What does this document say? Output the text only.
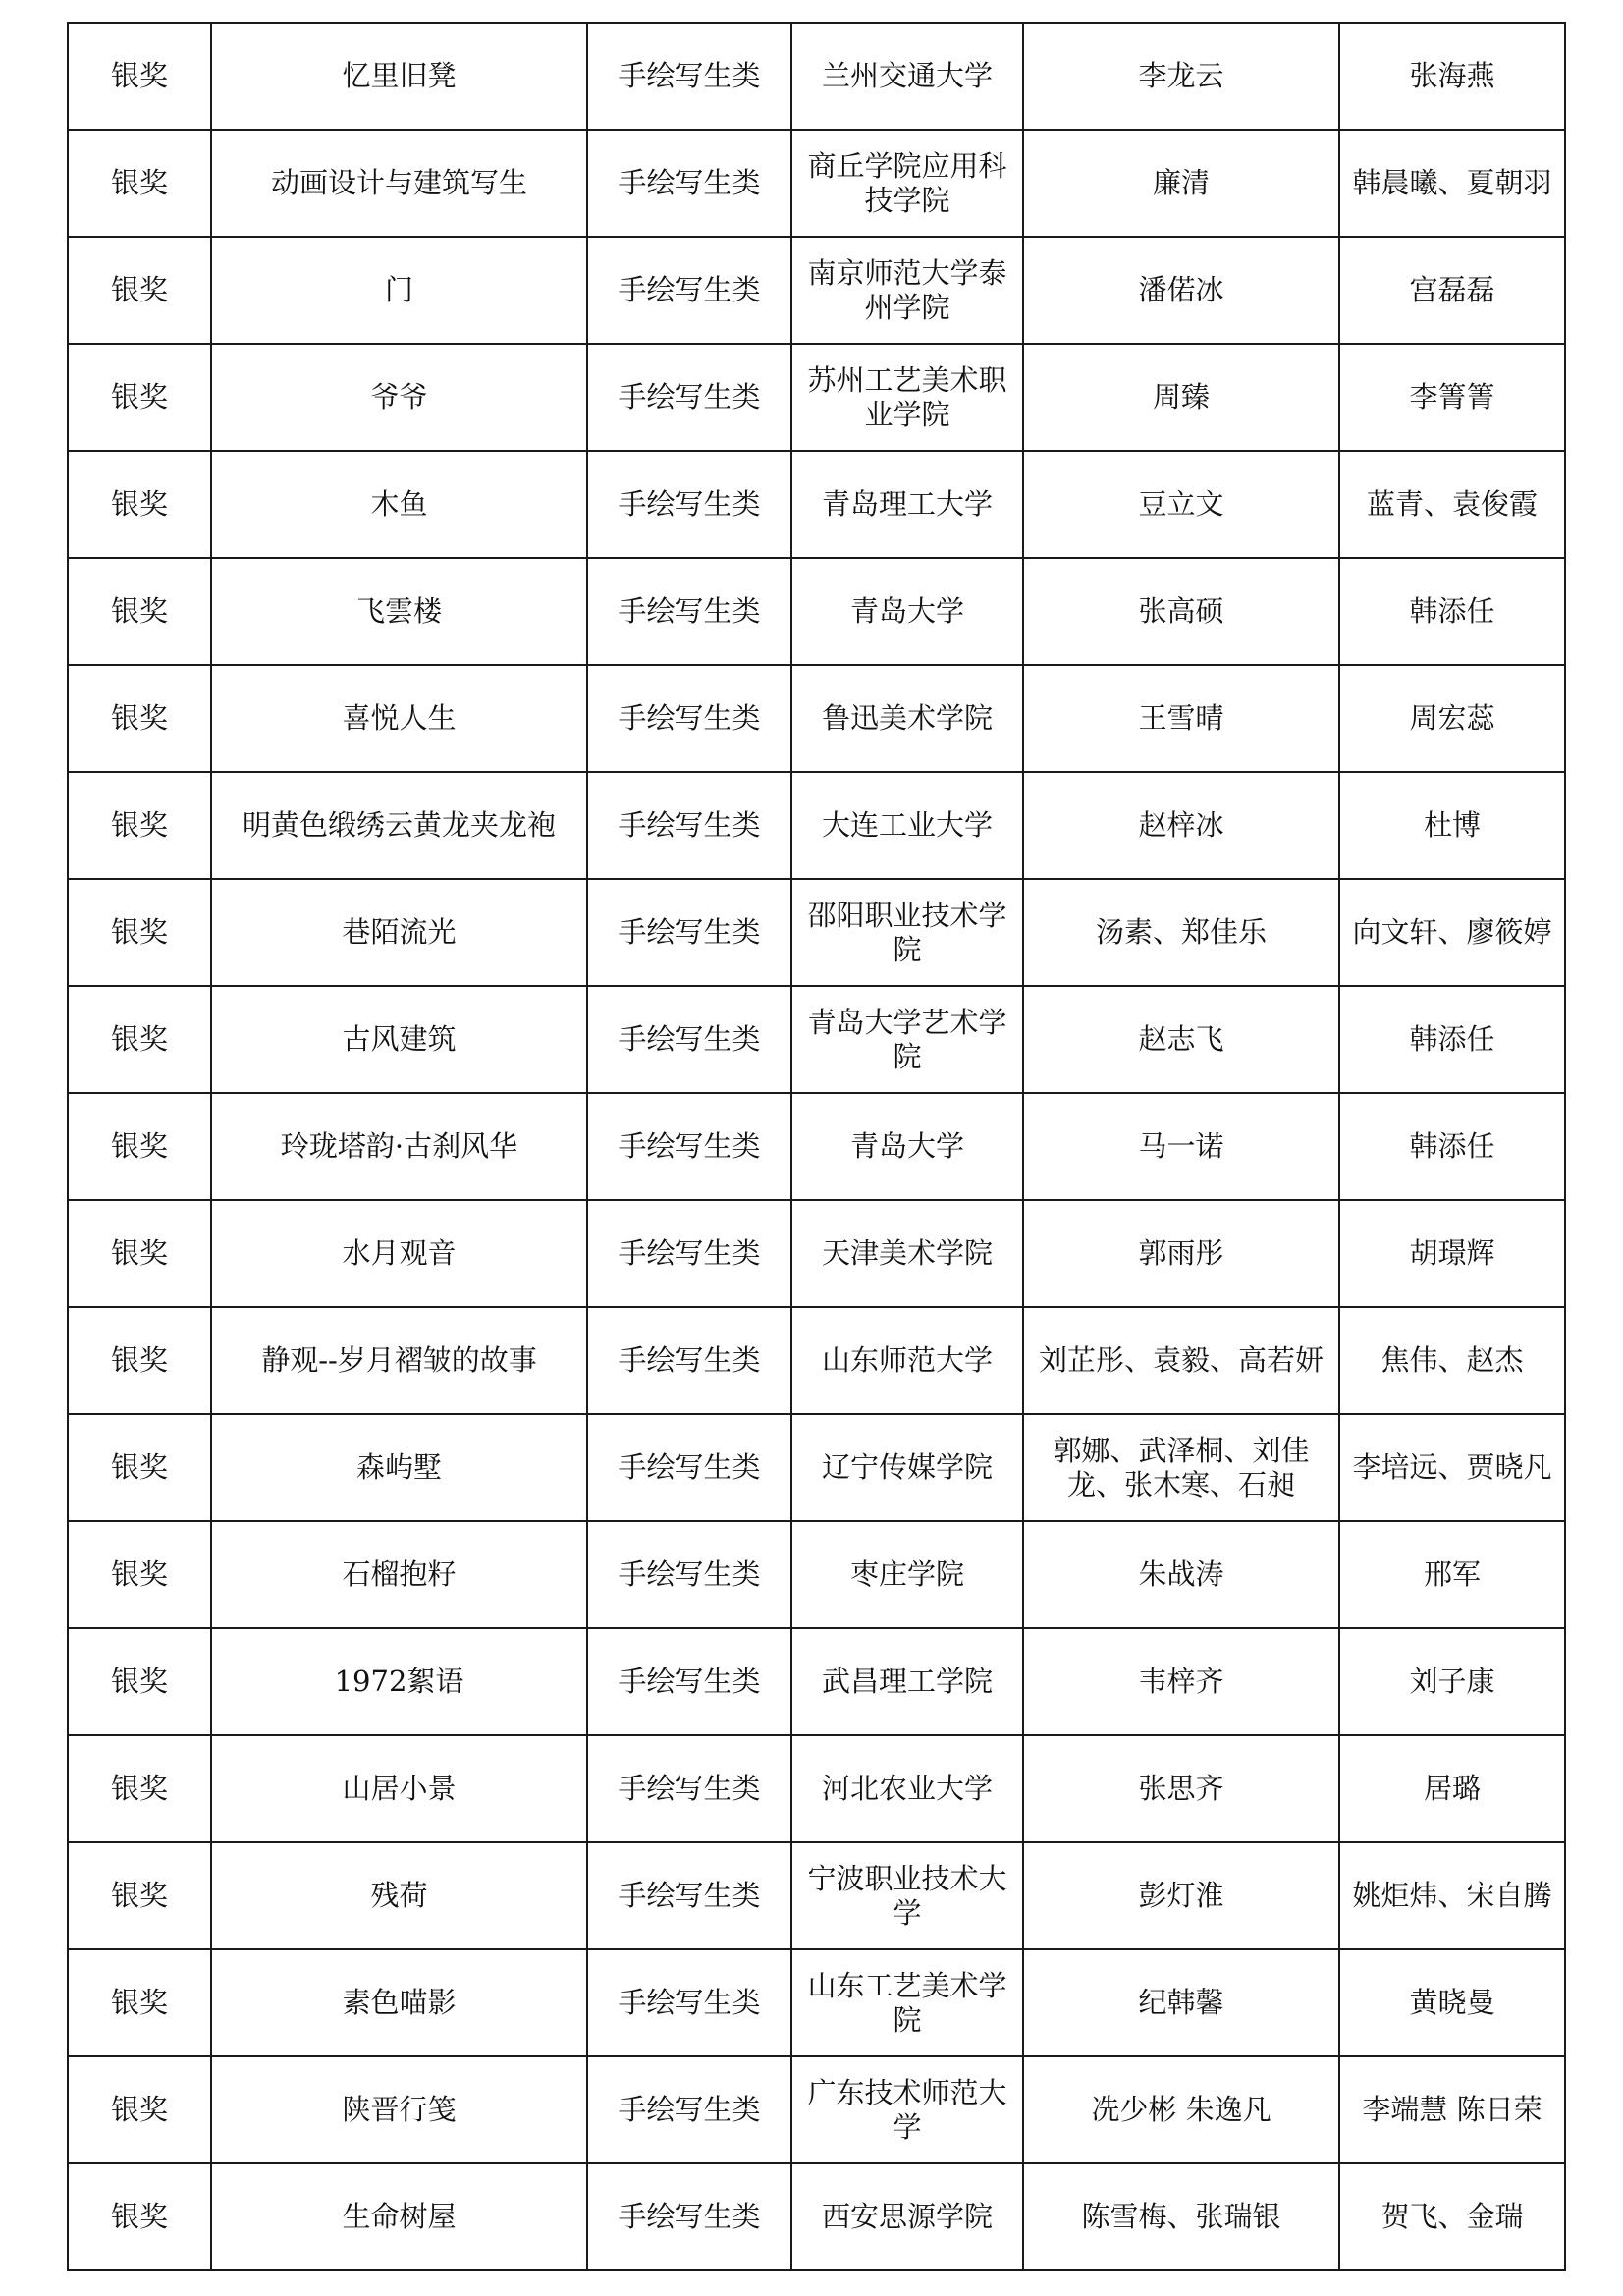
银奖	忆里旧凳	手绘写生类	兰州交通大学	李龙云	张海燕
银奖	动画设计与建筑写生	手绘写生类	商丘学院应用科技学院	廉清	韩晨曦、夏朝羽
银奖	门	手绘写生类	南京师范大学泰州学院	潘偌冰	宫磊磊
银奖	爷爷	手绘写生类	苏州工艺美术职业学院	周臻	李箐箐
银奖	木鱼	手绘写生类	青岛理工大学	豆立文	蓝青、袁俊霞
银奖	飞雲楼	手绘写生类	青岛大学	张高硕	韩添任
银奖	喜悦人生	手绘写生类	鲁迅美术学院	王雪晴	周宏蕊
银奖	明黄色缎绣云黄龙夹龙袍	手绘写生类	大连工业大学	赵梓冰	杜博
银奖	巷陌流光	手绘写生类	邵阳职业技术学院	汤素、郑佳乐	向文轩、廖筱婷
银奖	古风建筑	手绘写生类	青岛大学艺术学院	赵志飞	韩添任
银奖	玲珑塔韵·古刹风华	手绘写生类	青岛大学	马一诺	韩添任
银奖	水月观音	手绘写生类	天津美术学院	郭雨彤	胡璟辉
银奖	静观--岁月褶皱的故事	手绘写生类	山东师范大学	刘芷彤、袁毅、高若妍	焦伟、赵杰
银奖	森屿墅	手绘写生类	辽宁传媒学院	郭娜、武泽桐、刘佳龙、张木寒、石昶	李培远、贾晓凡
银奖	石榴抱籽	手绘写生类	枣庄学院	朱战涛	邢军
银奖	1972絮语	手绘写生类	武昌理工学院	韦梓齐	刘子康
银奖	山居小景	手绘写生类	河北农业大学	张思齐	居璐
银奖	残荷	手绘写生类	宁波职业技术大学	彭灯淮	姚炬炜、宋自腾
银奖	素色喵影	手绘写生类	山东工艺美术学院	纪韩馨	黄晓曼
银奖	陕晋行笺	手绘写生类	广东技术师范大学	冼少彬 朱逸凡	李端慧 陈日荣
银奖	生命树屋	手绘写生类	西安思源学院	陈雪梅、张瑞银	贺飞、金瑞
